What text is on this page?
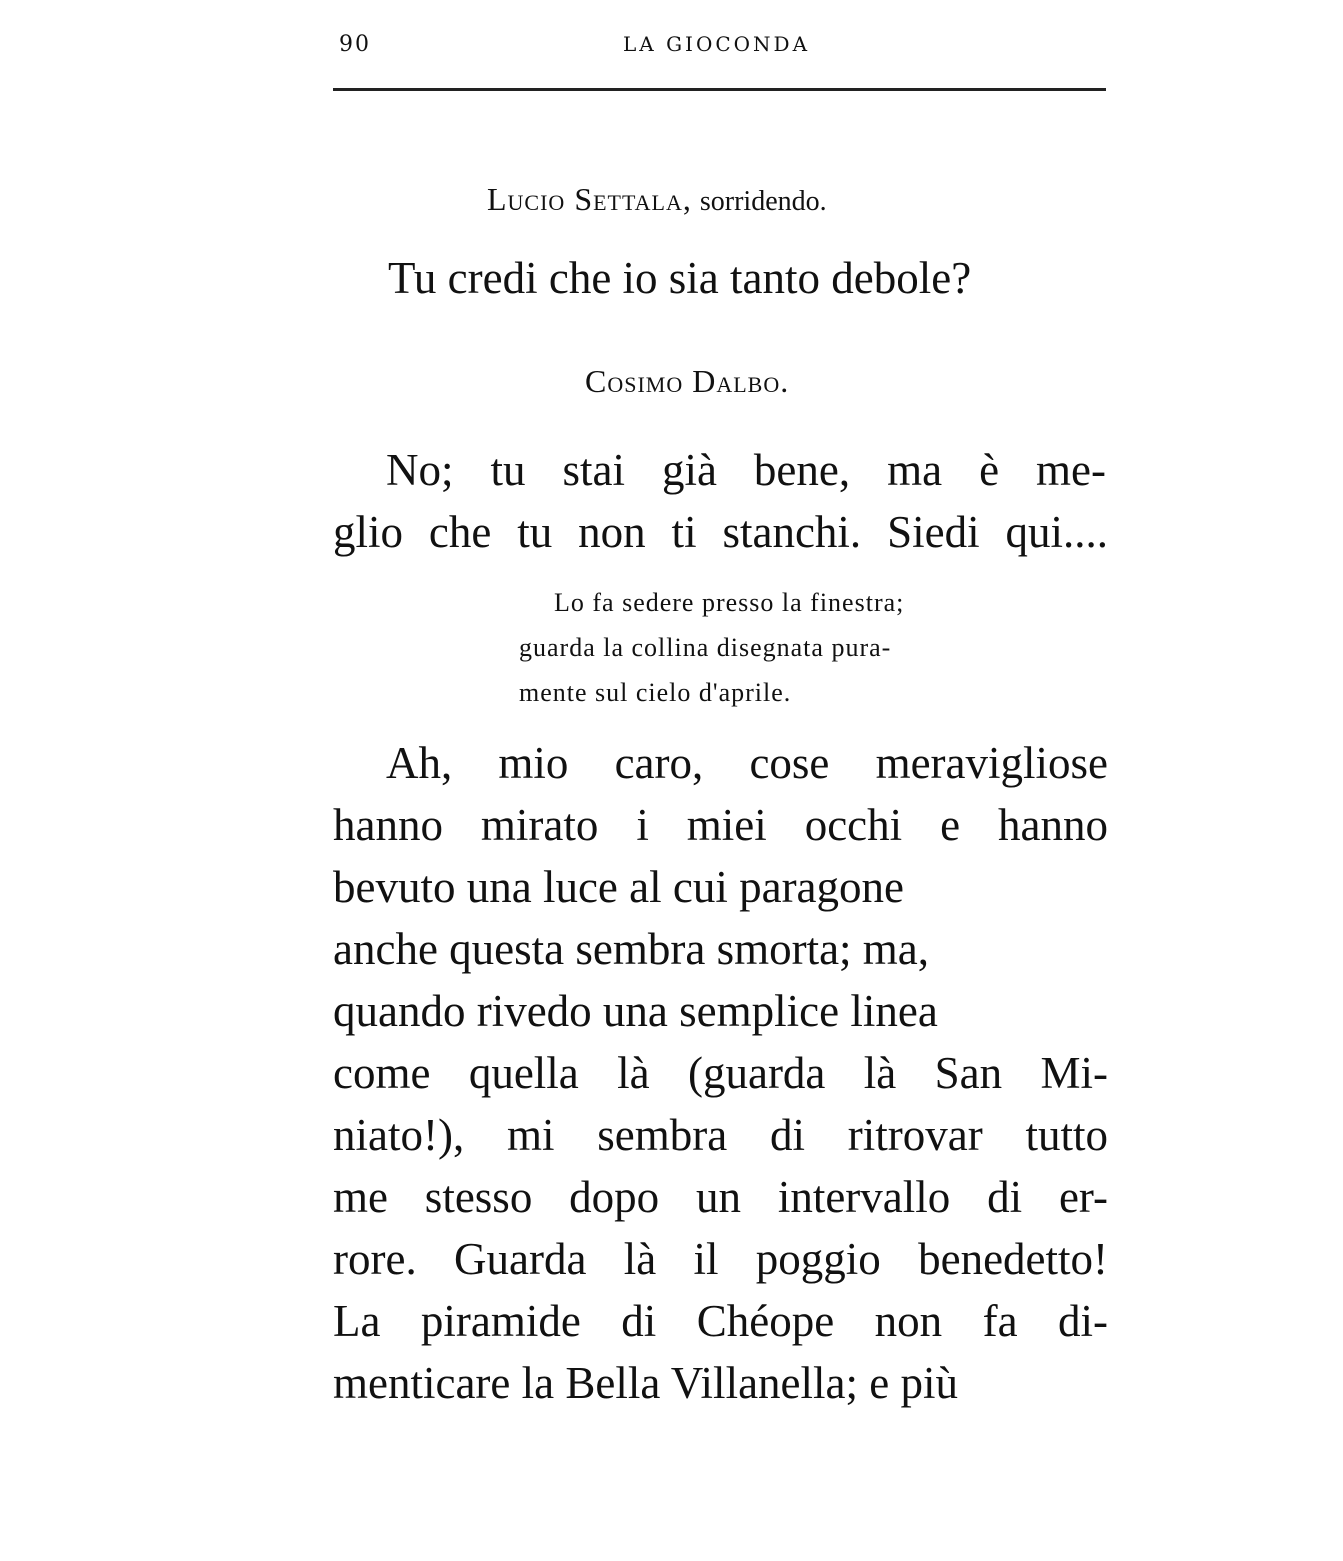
90	LA GIOCONDA
Lucio Settala, sorridendo.
Tu credi che io sia tanto debole?
Cosimo Dalbo.
No; tu stai già bene, ma è me-
glio che tu non ti stanchi. Siedi qui....
Lo fa sedere presso la finestra;
guarda la collina disegnata pura-
mente sul cielo d'aprile.
Ah, mio caro, cose meravigliose
hanno mirato i miei occhi e hanno
bevuto una luce al cui paragone
anche questa sembra smorta; ma,
quando rivedo una semplice linea
come quella là (guarda là San Mi-
niato!), mi sembra di ritrovar tutto
me stesso dopo un intervallo di er-
rore. Guarda là il poggio benedetto!
La piramide di Chéope non fa di-
menticare la Bella Villanella; e più
